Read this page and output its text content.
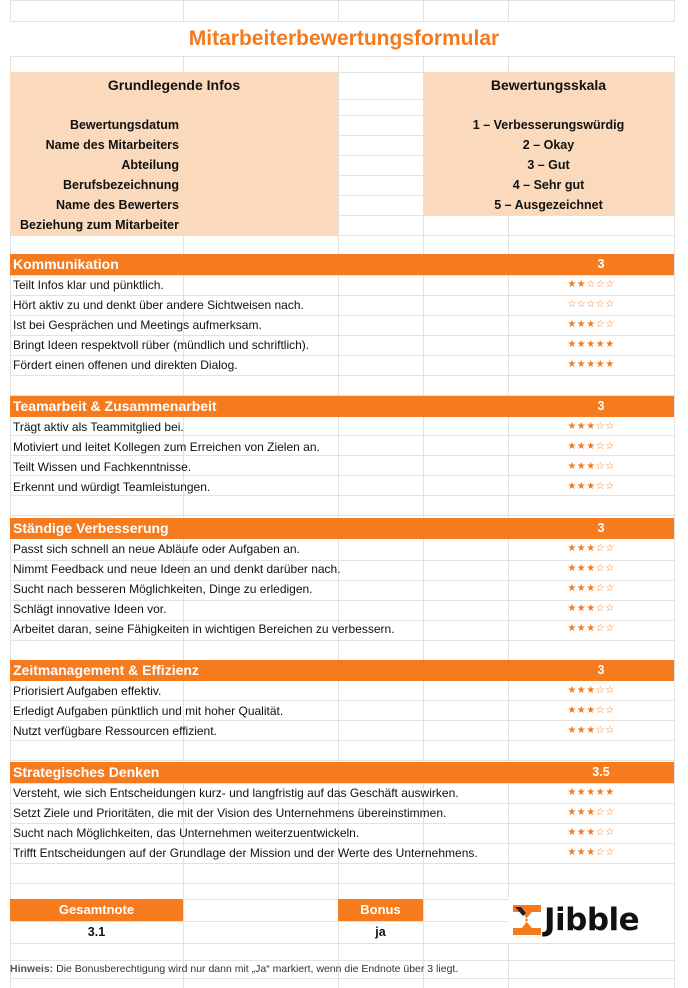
Mitarbeiterbewertungsformular
Grundlegende Infos
Bewertungsdatum
Name des Mitarbeiters
Abteilung
Berufsbezeichnung
Name des Bewerters
Beziehung zum Mitarbeiter
Bewertungsskala
1 – Verbesserungswürdig
2 – Okay
3 – Gut
4 – Sehr gut
5 – Ausgezeichnet
Kommunikation	3
Teilt Infos klar und pünktlich.	★★☆☆☆
Hört aktiv zu und denkt über andere Sichtweisen nach.	☆☆☆☆☆
Ist bei Gesprächen und Meetings aufmerksam.	★★★☆☆
Bringt Ideen respektvoll rüber (mündlich und schriftlich).	★★★★★
Fördert einen offenen und direkten Dialog.	★★★★★
Teamarbeit & Zusammenarbeit	3
Trägt aktiv als Teammitglied bei.	★★★☆☆
Motiviert und leitet Kollegen zum Erreichen von Zielen an.	★★★☆☆
Teilt Wissen und Fachkenntnisse.	★★★☆☆
Erkennt und würdigt Teamleistungen.	★★★☆☆
Ständige Verbesserung	3
Passt sich schnell an neue Abläufe oder Aufgaben an.	★★★☆☆
Nimmt Feedback und neue Ideen an und denkt darüber nach.	★★★☆☆
Sucht nach besseren Möglichkeiten, Dinge zu erledigen.	★★★☆☆
Schlägt innovative Ideen vor.	★★★☆☆
Arbeitet daran, seine Fähigkeiten in wichtigen Bereichen zu verbessern.	★★★☆☆
Zeitmanagement & Effizienz	3
Priorisiert Aufgaben effektiv.	★★★☆☆
Erledigt Aufgaben pünktlich und mit hoher Qualität.	★★★☆☆
Nutzt verfügbare Ressourcen effizient.	★★★☆☆
Strategisches Denken	3.5
Versteht, wie sich Entscheidungen kurz- und langfristig auf das Geschäft auswirken.	★★★★★
Setzt Ziele und Prioritäten, die mit der Vision des Unternehmens übereinstimmen.	★★★☆☆
Sucht nach Möglichkeiten, das Unternehmen weiterzuentwickeln.	★★★☆☆
Trifft Entscheidungen auf der Grundlage der Mission und der Werte des Unternehmens.	★★★☆☆
Gesamtnote
3.1
Bonus
ja	Jibble
Hinweis: Die Bonusberechtigung wird nur dann mit „Ja“ markiert, wenn die Endnote über 3 liegt.
